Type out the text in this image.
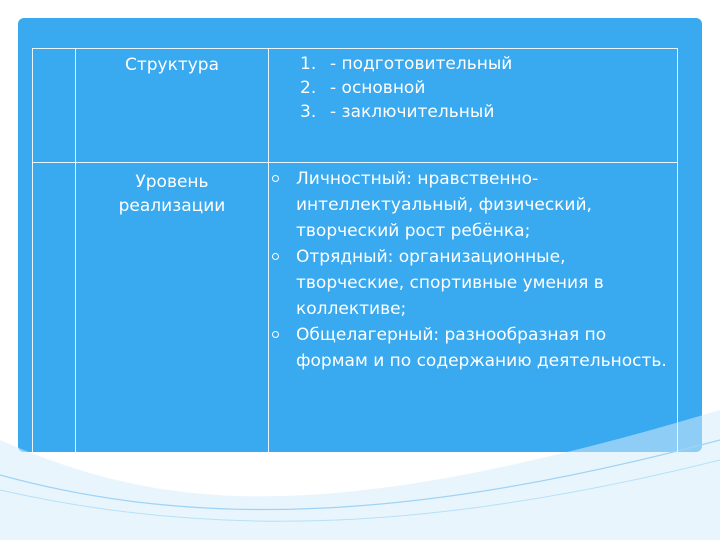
Структура	1. - подготовительный
2. - основной
3. - заключительный
Уровень реализации
Личностный: нравственно-интеллектуальный, физический, творческий рост ребёнка;
Отрядный: организационные, творческие, спортивные умения в коллективе;
Общелагерный: разнообразная по формам и по содержанию деятельность.
